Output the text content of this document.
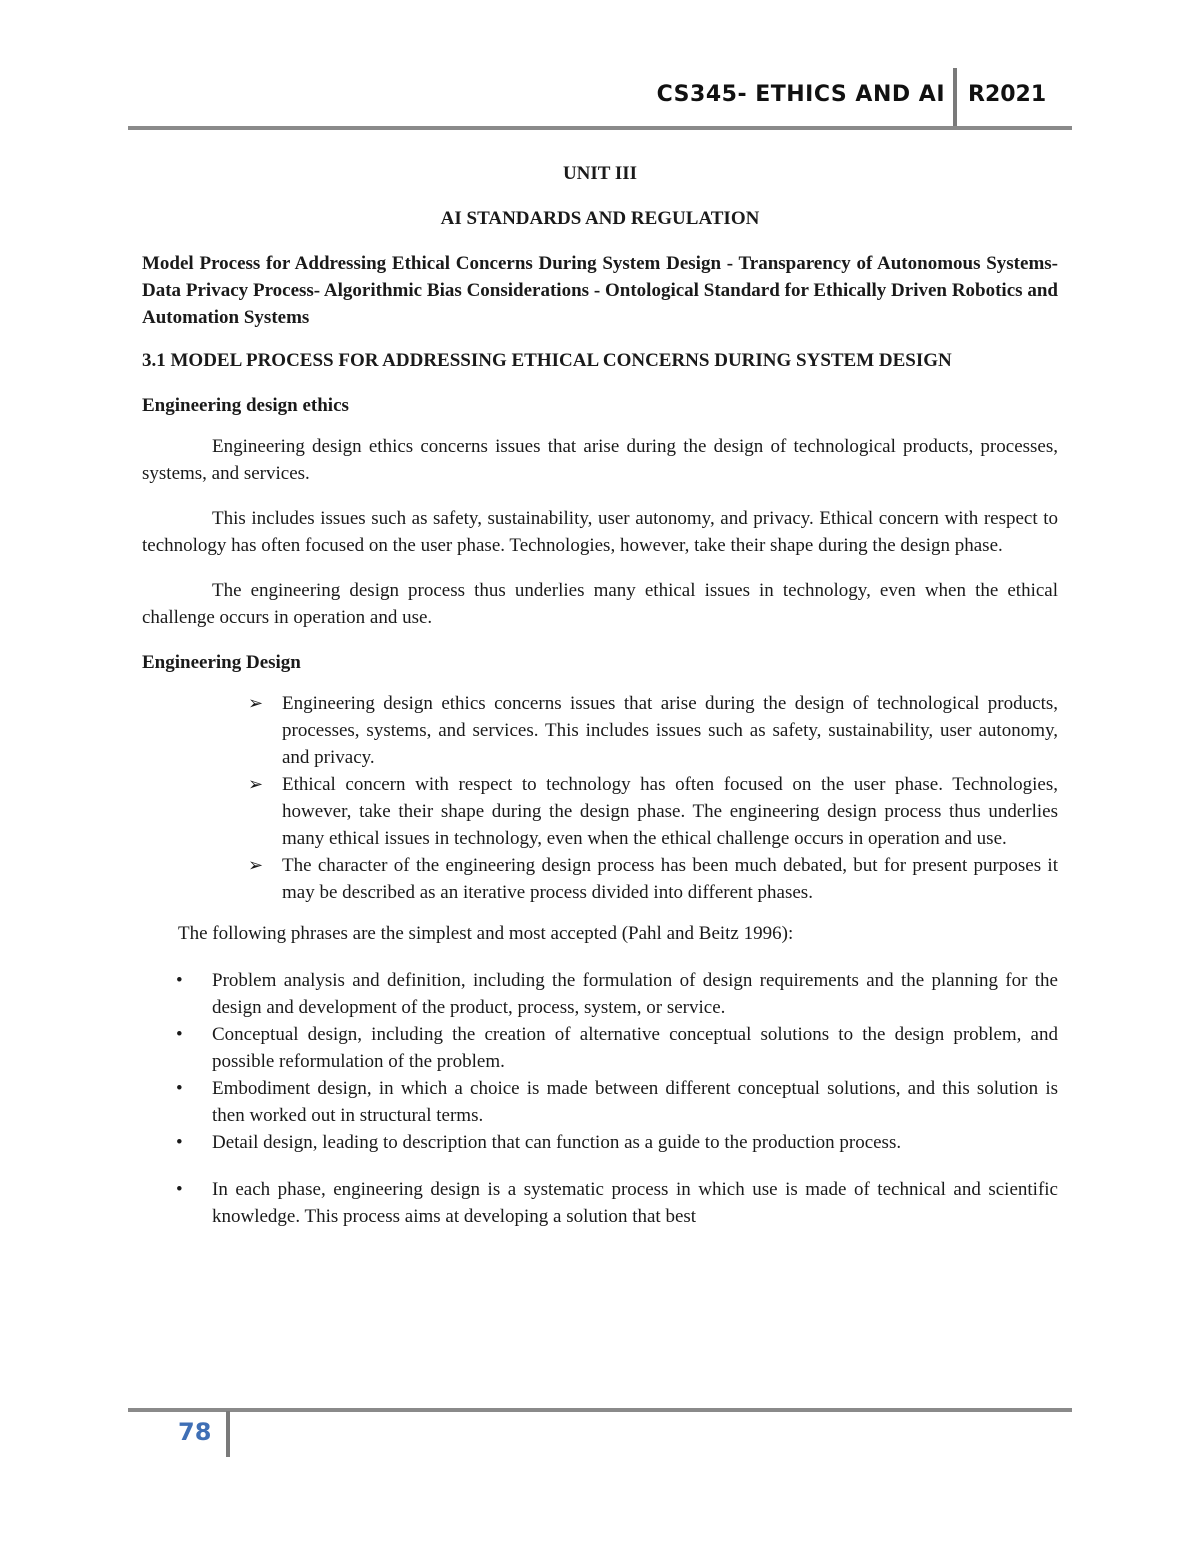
CS345- ETHICS AND AI R2021

UNIT III

AI STANDARDS AND REGULATION

Model Process for Addressing Ethical Concerns During System Design - Transparency of Autonomous Systems-Data Privacy Process- Algorithmic Bias Considerations - Ontological Standard for Ethically Driven Robotics and Automation Systems

3.1 MODEL PROCESS FOR ADDRESSING ETHICAL CONCERNS DURING SYSTEM DESIGN

Engineering design ethics

Engineering design ethics concerns issues that arise during the design of technological products, processes, systems, and services.

This includes issues such as safety, sustainability, user autonomy, and privacy. Ethical concern with respect to technology has often focused on the user phase. Technologies, however, take their shape during the design phase.

The engineering design process thus underlies many ethical issues in technology, even when the ethical challenge occurs in operation and use.

Engineering Design

➢ Engineering design ethics concerns issues that arise during the design of technological products, processes, systems, and services. This includes issues such as safety, sustainability, user autonomy, and privacy.
➢ Ethical concern with respect to technology has often focused on the user phase. Technologies, however, take their shape during the design phase. The engineering design process thus underlies many ethical issues in technology, even when the ethical challenge occurs in operation and use.
➢ The character of the engineering design process has been much debated, but for present purposes it may be described as an iterative process divided into different phases.

The following phrases are the simplest and most accepted (Pahl and Beitz 1996):

• Problem analysis and definition, including the formulation of design requirements and the planning for the design and development of the product, process, system, or service.
• Conceptual design, including the creation of alternative conceptual solutions to the design problem, and possible reformulation of the problem.
• Embodiment design, in which a choice is made between different conceptual solutions, and this solution is then worked out in structural terms.
• Detail design, leading to description that can function as a guide to the production process.
• In each phase, engineering design is a systematic process in which use is made of technical and scientific knowledge. This process aims at developing a solution that best
78
